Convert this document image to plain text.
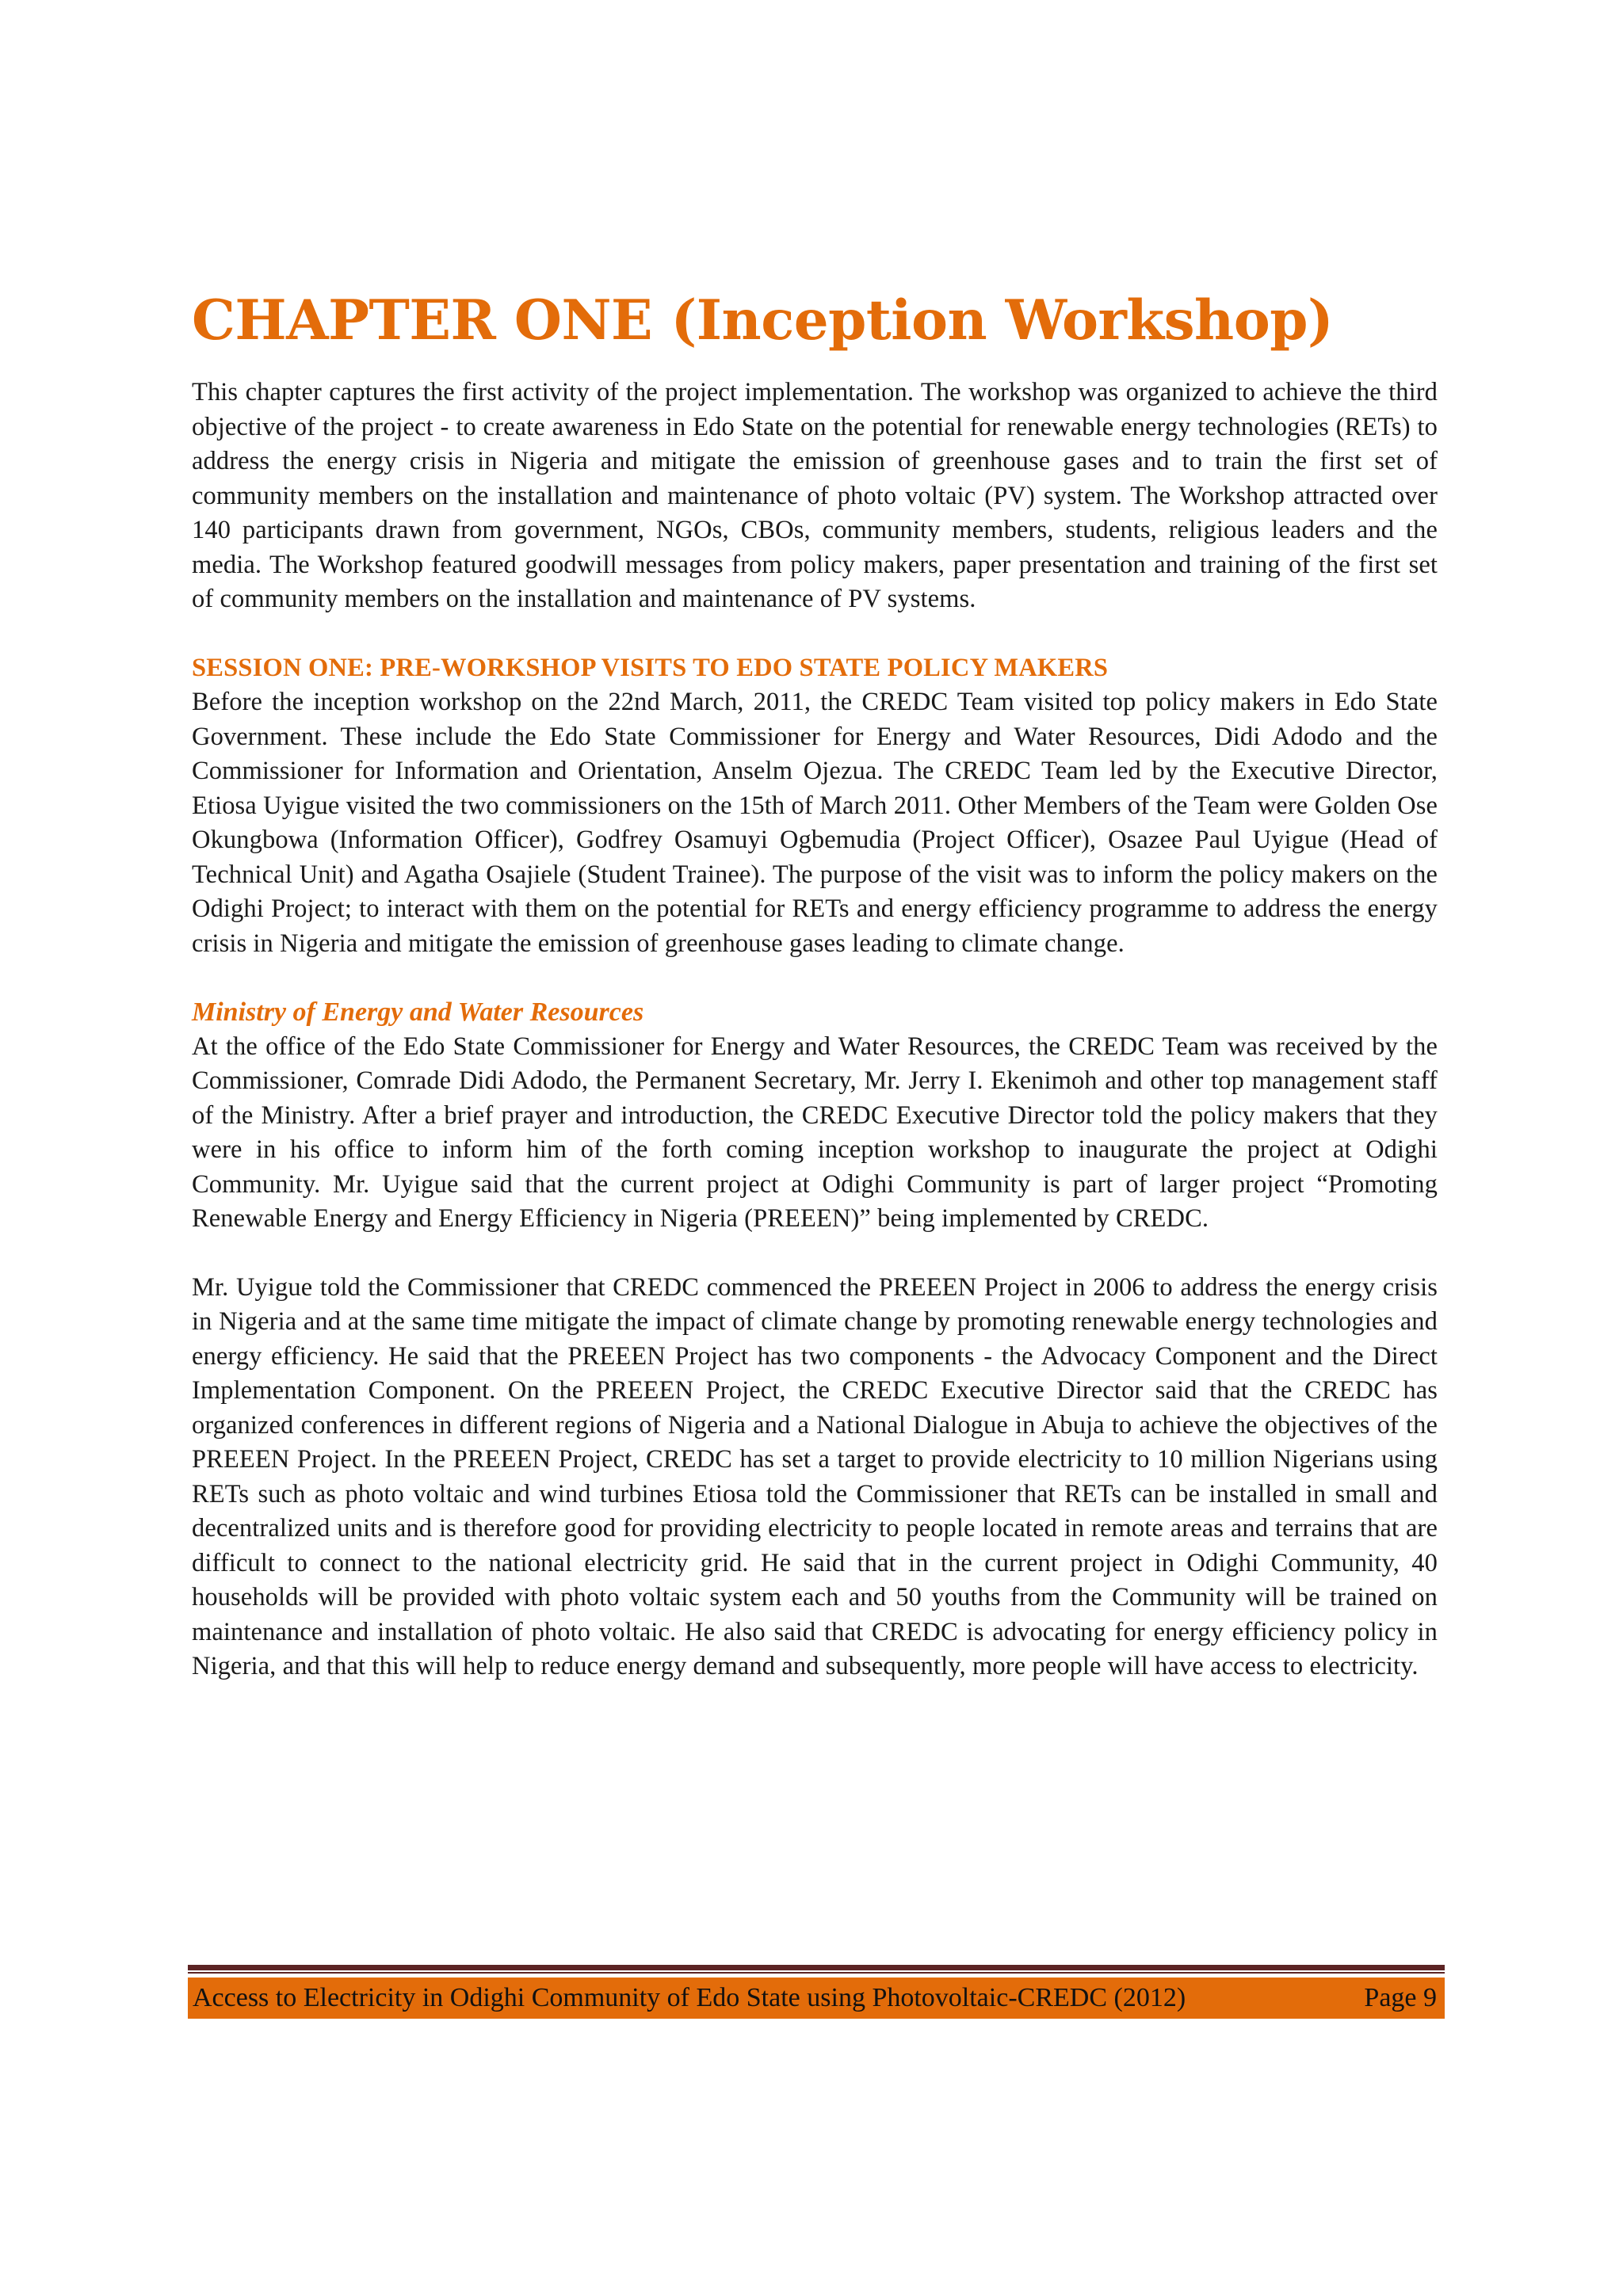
CHAPTER ONE (Inception Workshop)

This chapter captures the first activity of the project implementation. The workshop was organized to achieve the third objective of the project - to create awareness in Edo State on the potential for renewable energy technologies (RETs) to address the energy crisis in Nigeria and mitigate the emission of greenhouse gases and to train the first set of community members on the installation and maintenance of photo voltaic (PV) system. The Workshop attracted over 140 participants drawn from government, NGOs, CBOs, community members, students, religious leaders and the media. The Workshop featured goodwill messages from policy makers, paper presentation and training of the first set of community members on the installation and maintenance of PV systems.

SESSION ONE: PRE-WORKSHOP VISITS TO EDO STATE POLICY MAKERS

Before the inception workshop on the 22nd March, 2011, the CREDC Team visited top policy makers in Edo State Government. These include the Edo State Commissioner for Energy and Water Resources, Didi Adodo and the Commissioner for Information and Orientation, Anselm Ojezua. The CREDC Team led by the Executive Director, Etiosa Uyigue visited the two commissioners on the 15th of March 2011. Other Members of the Team were Golden Ose Okungbowa (Information Officer), Godfrey Osamuyi Ogbemudia (Project Officer), Osazee Paul Uyigue (Head of Technical Unit) and Agatha Osajiele (Student Trainee). The purpose of the visit was to inform the policy makers on the Odighi Project; to interact with them on the potential for RETs and energy efficiency programme to address the energy crisis in Nigeria and mitigate the emission of greenhouse gases leading to climate change.

Ministry of Energy and Water Resources

At the office of the Edo State Commissioner for Energy and Water Resources, the CREDC Team was received by the Commissioner, Comrade Didi Adodo, the Permanent Secretary, Mr. Jerry I. Ekenimoh and other top management staff of the Ministry. After a brief prayer and introduction, the CREDC Executive Director told the policy makers that they were in his office to inform him of the forth coming inception workshop to inaugurate the project at Odighi Community. Mr. Uyigue said that the current project at Odighi Community is part of larger project “Promoting Renewable Energy and Energy Efficiency in Nigeria (PREEEN)” being implemented by CREDC.

Mr. Uyigue told the Commissioner that CREDC commenced the PREEEN Project in 2006 to address the energy crisis in Nigeria and at the same time mitigate the impact of climate change by promoting renewable energy technologies and energy efficiency. He said that the PREEEN Project has two components - the Advocacy Component and the Direct Implementation Component. On the PREEEN Project, the CREDC Executive Director said that the CREDC has organized conferences in different regions of Nigeria and a National Dialogue in Abuja to achieve the objectives of the PREEEN Project. In the PREEEN Project, CREDC has set a target to provide electricity to 10 million Nigerians using RETs such as photo voltaic and wind turbines Etiosa told the Commissioner that RETs can be installed in small and decentralized units and is therefore good for providing electricity to people located in remote areas and terrains that are difficult to connect to the national electricity grid. He said that in the current project in Odighi Community, 40 households will be provided with photo voltaic system each and 50 youths from the Community will be trained on maintenance and installation of photo voltaic. He also said that CREDC is advocating for energy efficiency policy in Nigeria, and that this will help to reduce energy demand and subsequently, more people will have access to electricity.

Access to Electricity in Odighi Community of Edo State using Photovoltaic-CREDC (2012)	Page 9
